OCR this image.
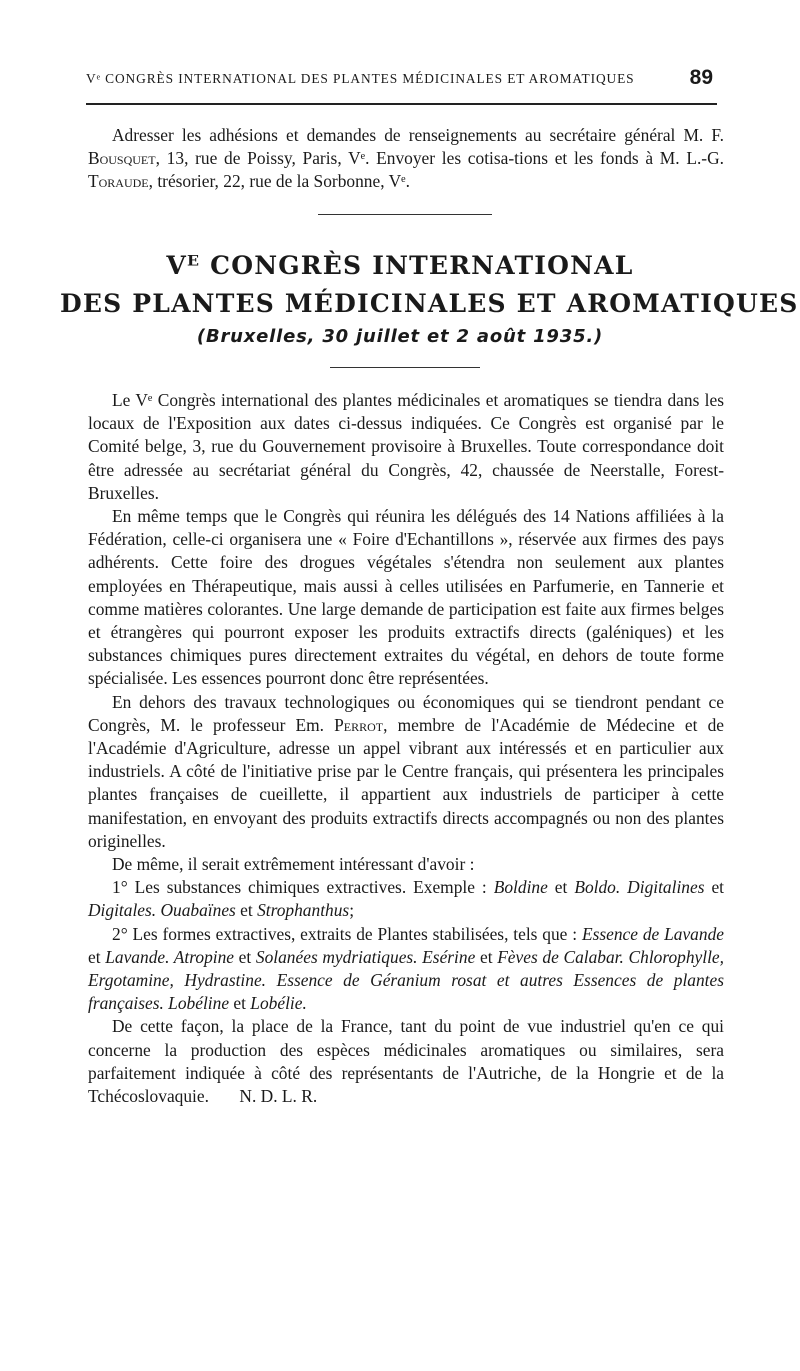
Vᵉ CONGRÈS INTERNATIONAL DES PLANTES MÉDICINALES ET AROMATIQUES	89

Adresser les adhésions et demandes de renseignements au secrétaire général M. F. Bousquet, 13, rue de Poissy, Paris, Vᵉ. Envoyer les cotisa-tions et les fonds à M. L.-G. Toraude, trésorier, 22, rue de la Sorbonne, Vᵉ.

Vᴱ CONGRÈS INTERNATIONAL
DES PLANTES MÉDICINALES ET AROMATIQUES
(Bruxelles, 30 juillet et 2 août 1935.)

Le Vᵉ Congrès international des plantes médicinales et aromatiques se tiendra dans les locaux de l'Exposition aux dates ci-dessus indiquées. Ce Congrès est organisé par le Comité belge, 3, rue du Gouvernement provisoire à Bruxelles. Toute correspondance doit être adressée au secrétariat général du Congrès, 42, chaussée de Neerstalle, Forest-Bruxelles.

En même temps que le Congrès qui réunira les délégués des 14 Nations affiliées à la Fédération, celle-ci organisera une « Foire d'Echantillons », réservée aux firmes des pays adhérents. Cette foire des drogues végétales s'étendra non seulement aux plantes employées en Thérapeutique, mais aussi à celles utilisées en Parfumerie, en Tannerie et comme matières colorantes. Une large demande de participation est faite aux firmes belges et étrangères qui pourront exposer les produits extractifs directs (galéniques) et les substances chimiques pures directement extraites du végétal, en dehors de toute forme spécialisée. Les essences pourront donc être représentées.

En dehors des travaux technologiques ou économiques qui se tiendront pendant ce Congrès, M. le professeur Em. Perrot, membre de l'Académie de Médecine et de l'Académie d'Agriculture, adresse un appel vibrant aux intéressés et en particulier aux industriels. A côté de l'initiative prise par le Centre français, qui présentera les principales plantes françaises de cueillette, il appartient aux industriels de participer à cette manifestation, en envoyant des produits extractifs directs accompagnés ou non des plantes originelles.

De même, il serait extrêmement intéressant d'avoir :

1° Les substances chimiques extractives. Exemple : Boldine et Boldo. Digitalines et Digitales. Ouabaïnes et Strophanthus;

2° Les formes extractives, extraits de Plantes stabilisées, tels que : Essence de Lavande et Lavande. Atropine et Solanées mydriatiques. Esérine et Fèves de Calabar. Chlorophylle, Ergotamine, Hydrastine. Essence de Géranium rosat et autres Essences de plantes françaises. Lobéline et Lobélie.

De cette façon, la place de la France, tant du point de vue industriel qu'en ce qui concerne la production des espèces médicinales aromatiques ou similaires, sera parfaitement indiquée à côté des représentants de l'Autriche, de la Hongrie et de la Tchécoslovaquie. N. D. L. R.
